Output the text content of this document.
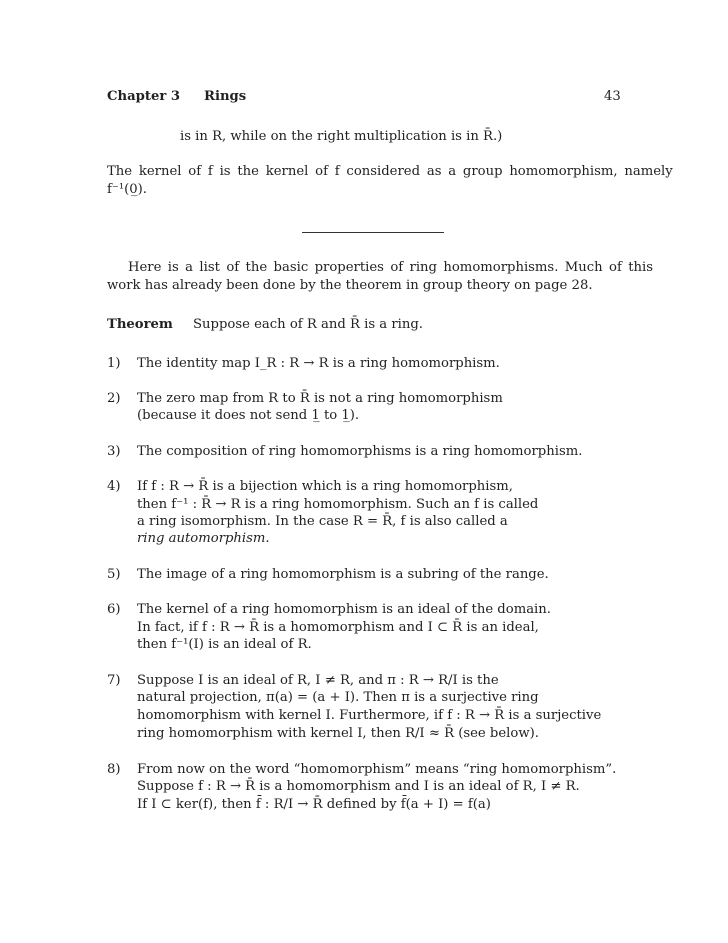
Chapter 3 Rings	43
is in R, while on the right multiplication is in R̄.)
The kernel of f is the kernel of f considered as a group homomorphism, namely
f⁻¹(0̲).
Here is a list of the basic properties of ring homomorphisms. Much of this
work has already been done by the theorem in group theory on page 28.
Theorem Suppose each of R and R̄ is a ring.
1) The identity map I_R : R → R is a ring homomorphism.
2) The zero map from R to R̄ is not a ring homomorphism
(because it does not send 1̲ to 1̲).
3) The composition of ring homomorphisms is a ring homomorphism.
4) If f : R → R̄ is a bijection which is a ring homomorphism,
then f⁻¹ : R̄ → R is a ring homomorphism. Such an f is called
a ring isomorphism. In the case R = R̄, f is also called a
ring automorphism.
5) The image of a ring homomorphism is a subring of the range.
6) The kernel of a ring homomorphism is an ideal of the domain.
In fact, if f : R → R̄ is a homomorphism and I ⊂ R̄ is an ideal,
then f⁻¹(I) is an ideal of R.
7) Suppose I is an ideal of R, I ≠ R, and π : R → R/I is the
natural projection, π(a) = (a + I). Then π is a surjective ring
homomorphism with kernel I. Furthermore, if f : R → R̄ is a surjective
ring homomorphism with kernel I, then R/I ≈ R̄ (see below).
8) From now on the word “homomorphism” means “ring homomorphism”.
Suppose f : R → R̄ is a homomorphism and I is an ideal of R, I ≠ R.
If I ⊂ ker(f), then f̄ : R/I → R̄ defined by f̄(a + I) = f(a)
